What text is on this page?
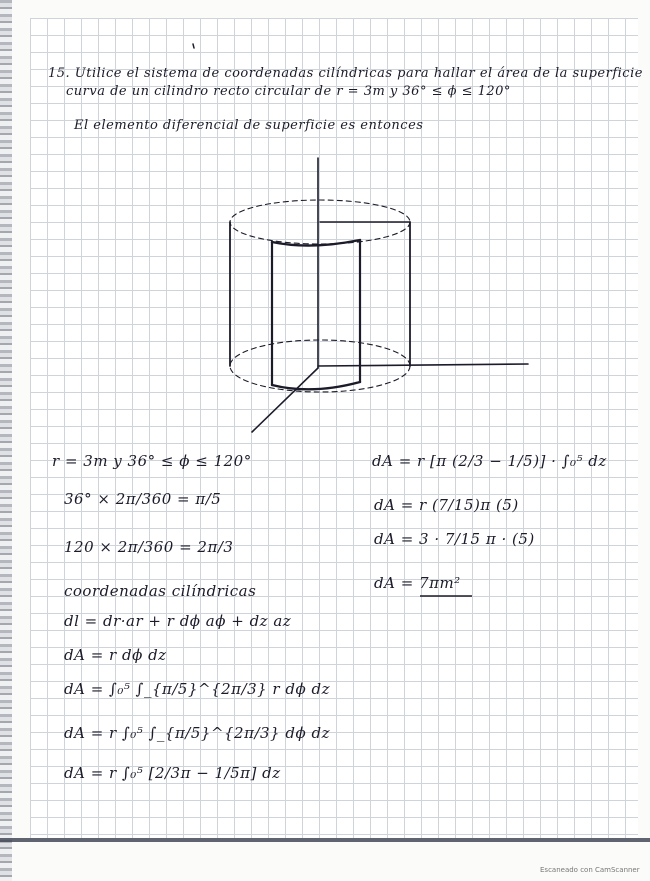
15. Utilice el sistema de coordenadas cilíndricas para hallar el área de la superficie
curva de un cilindro recto circular de r = 3m y 36° ≤ ϕ ≤ 120°
El elemento diferencial de superficie es entonces
r = 3m y 36° ≤ ϕ ≤ 120°
36° × 2π/360 = π/5
120 × 2π/360 = 2π/3
coordenadas cilíndricas
dl = dr·ar + r dϕ aϕ + dz az
dA = r dϕ dz
dA = ∫₀⁵ ∫_{π/5}^{2π/3} r dϕ dz
dA = r ∫₀⁵ ∫_{π/5}^{2π/3} dϕ dz
dA = r ∫₀⁵ [2/3π − 1/5π] dz
dA = r [π (2/3 − 1/5)] · ∫₀⁵ dz
dA = r (7/15)π (5)
dA = 3 · 7/15 π · (5)
dA = 7πm²
Escaneado con CamScanner
